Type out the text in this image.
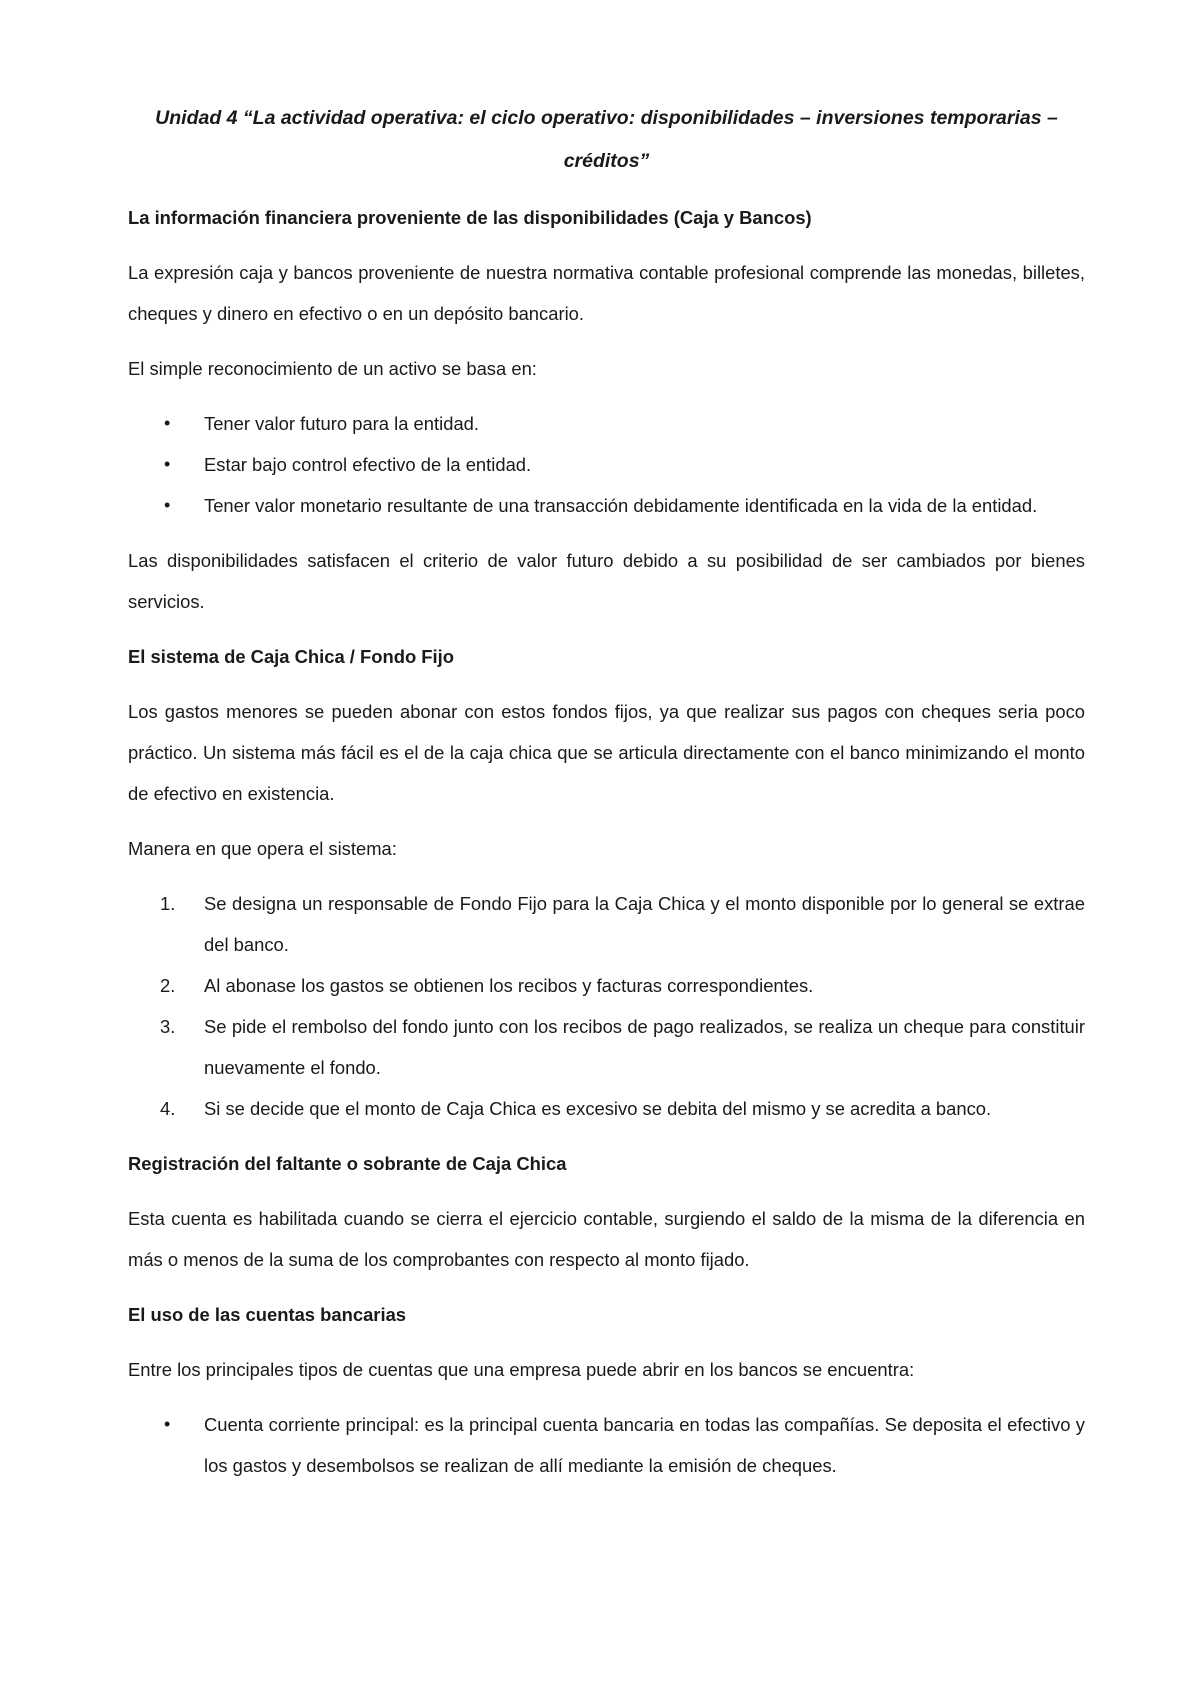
Unidad 4 “La actividad operativa: el ciclo operativo: disponibilidades – inversiones temporarias – créditos”
La información financiera proveniente de las disponibilidades (Caja y Bancos)

La expresión caja y bancos proveniente de nuestra normativa contable profesional comprende las monedas, billetes, cheques y dinero en efectivo o en un depósito bancario.

El simple reconocimiento de un activo se basa en:

•	Tener valor futuro para la entidad.
•	Estar bajo control efectivo de la entidad.
•	Tener valor monetario resultante de una transacción debidamente identificada en la vida de la entidad.

Las disponibilidades satisfacen el criterio de valor futuro debido a su posibilidad de ser cambiados por bienes servicios.

El sistema de Caja Chica / Fondo Fijo

Los gastos menores se pueden abonar con estos fondos fijos, ya que realizar sus pagos con cheques seria poco práctico. Un sistema más fácil es el de la caja chica que se articula directamente con el banco minimizando el monto de efectivo en existencia.

Manera en que opera el sistema:

1.	Se designa un responsable de Fondo Fijo para la Caja Chica y el monto disponible por lo general se extrae del banco.
2.	Al abonase los gastos se obtienen los recibos y facturas correspondientes.
3.	Se pide el rembolso del fondo junto con los recibos de pago realizados, se realiza un cheque para constituir nuevamente el fondo.
4.	Si se decide que el monto de Caja Chica es excesivo se debita del mismo y se acredita a banco.
Registración del faltante o sobrante de Caja Chica

Esta cuenta es habilitada cuando se cierra el ejercicio contable, surgiendo el saldo de la misma de la diferencia en más o menos de la suma de los comprobantes con respecto al monto fijado.

El uso de las cuentas bancarias

Entre los principales tipos de cuentas que una empresa puede abrir en los bancos se encuentra:

•	Cuenta corriente principal: es la principal cuenta bancaria en todas las compañías. Se deposita el efectivo y los gastos y desembolsos se realizan de allí mediante la emisión de cheques.
